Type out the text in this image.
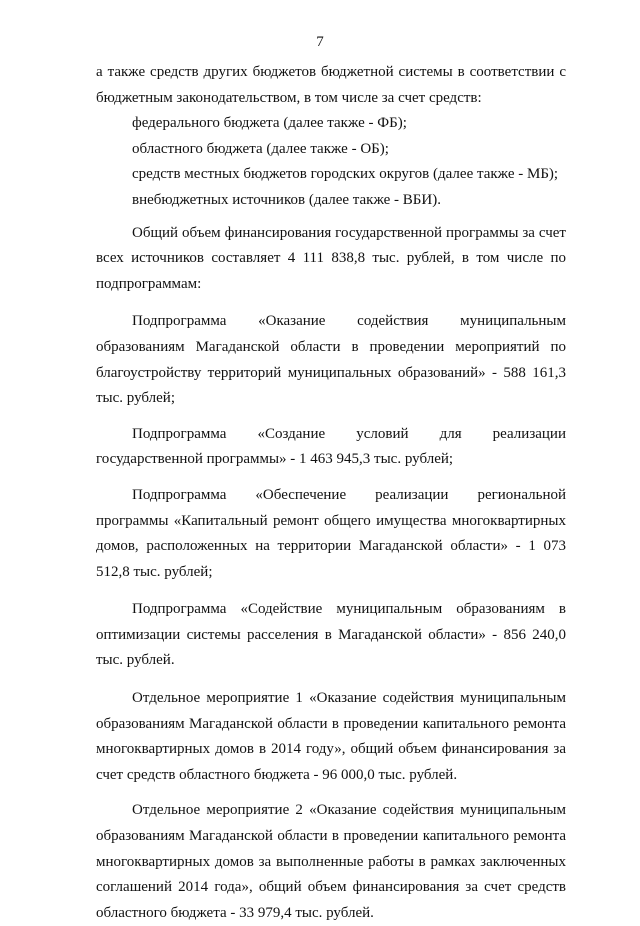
7

а также средств других бюджетов бюджетной системы в соответствии с бюджетным законодательством, в том числе за счет средств:

федерального бюджета (далее также - ФБ);

областного бюджета (далее также - ОБ);

средств местных бюджетов городских округов (далее также - МБ);

внебюджетных источников (далее также - ВБИ).

Общий объем финансирования государственной программы за счет всех источников составляет 4 111 838,8 тыс. рублей, в том числе по подпрограммам:

Подпрограмма «Оказание содействия муниципальным образованиям Магаданской области в проведении мероприятий по благоустройству территорий муниципальных образований» - 588 161,3 тыс. рублей;

Подпрограмма «Создание условий для реализации государственной программы» - 1 463 945,3 тыс. рублей;

Подпрограмма «Обеспечение реализации региональной программы «Капитальный ремонт общего имущества многоквартирных домов, расположенных на территории Магаданской области» - 1 073 512,8 тыс. рублей;

Подпрограмма «Содействие муниципальным образованиям в оптимизации системы расселения в Магаданской области» - 856 240,0 тыс. рублей.

Отдельное мероприятие 1 «Оказание содействия муниципальным образованиям Магаданской области в проведении капитального ремонта многоквартирных домов в 2014 году», общий объем финансирования за счет средств областного бюджета - 96 000,0 тыс. рублей.

Отдельное мероприятие 2 «Оказание содействия муниципальным образованиям Магаданской области в проведении капитального ремонта многоквартирных домов за выполненные работы в рамках заключенных соглашений 2014 года», общий объем финансирования за счет средств областного бюджета - 33 979,4 тыс. рублей.
